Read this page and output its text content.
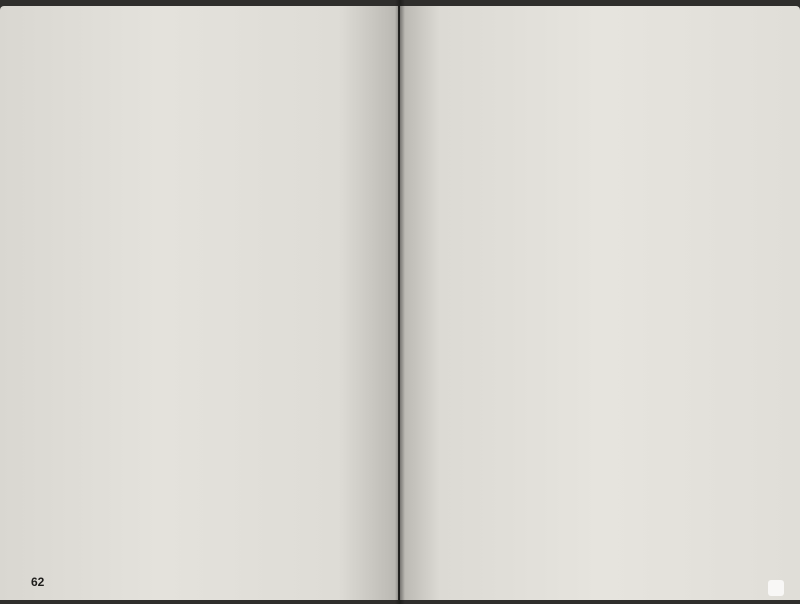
62
